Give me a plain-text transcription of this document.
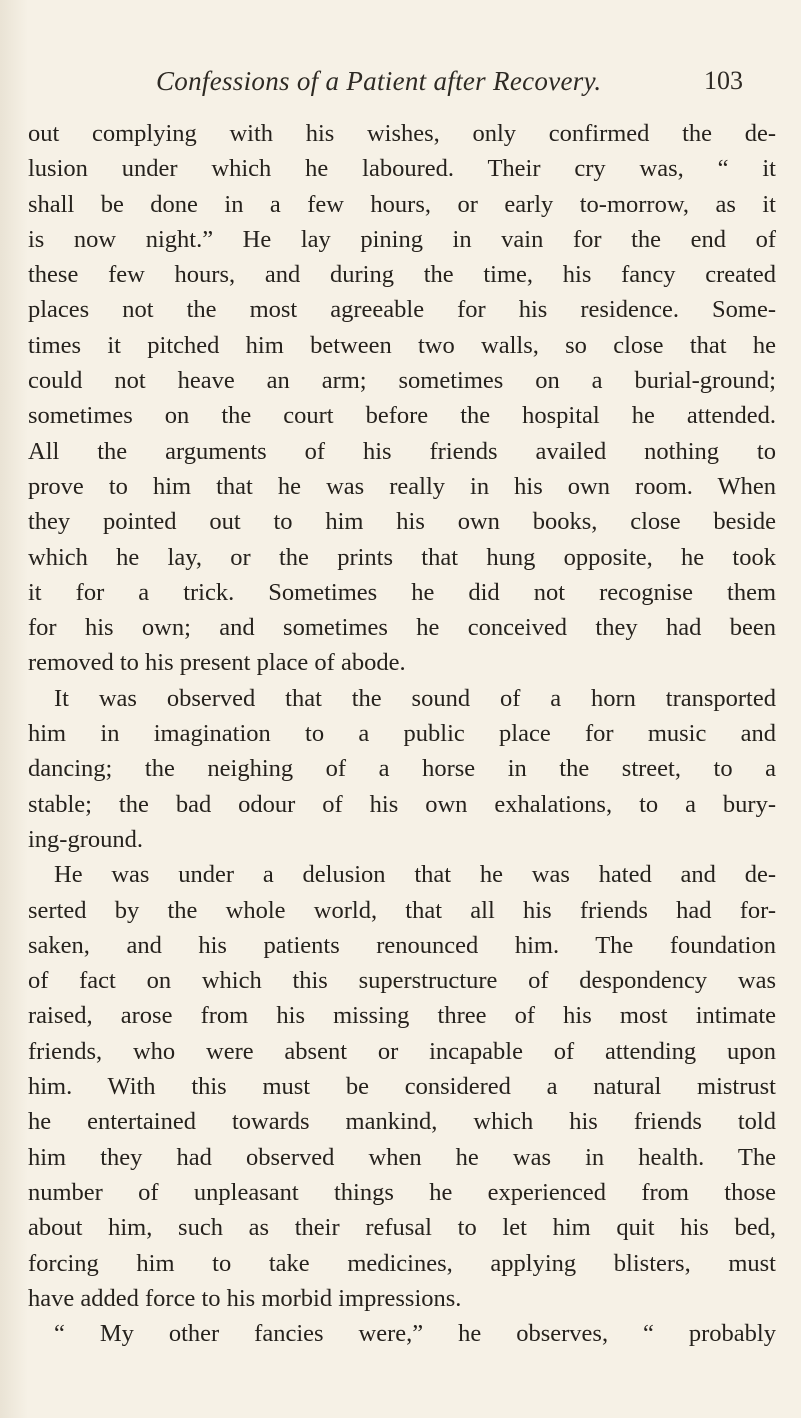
Confessions of a Patient after Recovery.	103
out complying with his wishes, only confirmed the de-
lusion under which he laboured. Their cry was, “ it
shall be done in a few hours, or early to-morrow, as it
is now night.” He lay pining in vain for the end of
these few hours, and during the time, his fancy created
places not the most agreeable for his residence. Some-
times it pitched him between two walls, so close that he
could not heave an arm; sometimes on a burial-ground;
sometimes on the court before the hospital he attended.
All the arguments of his friends availed nothing to
prove to him that he was really in his own room. When
they pointed out to him his own books, close beside
which he lay, or the prints that hung opposite, he took
it for a trick. Sometimes he did not recognise them
for his own; and sometimes he conceived they had been
removed to his present place of abode.
It was observed that the sound of a horn transported
him in imagination to a public place for music and
dancing; the neighing of a horse in the street, to a
stable; the bad odour of his own exhalations, to a bury-
ing-ground.
He was under a delusion that he was hated and de-
serted by the whole world, that all his friends had for-
saken, and his patients renounced him. The foundation
of fact on which this superstructure of despondency was
raised, arose from his missing three of his most intimate
friends, who were absent or incapable of attending upon
him. With this must be considered a natural mistrust
he entertained towards mankind, which his friends told
him they had observed when he was in health. The
number of unpleasant things he experienced from those
about him, such as their refusal to let him quit his bed,
forcing him to take medicines, applying blisters, must
have added force to his morbid impressions.
“ My other fancies were,” he observes, “ probably
